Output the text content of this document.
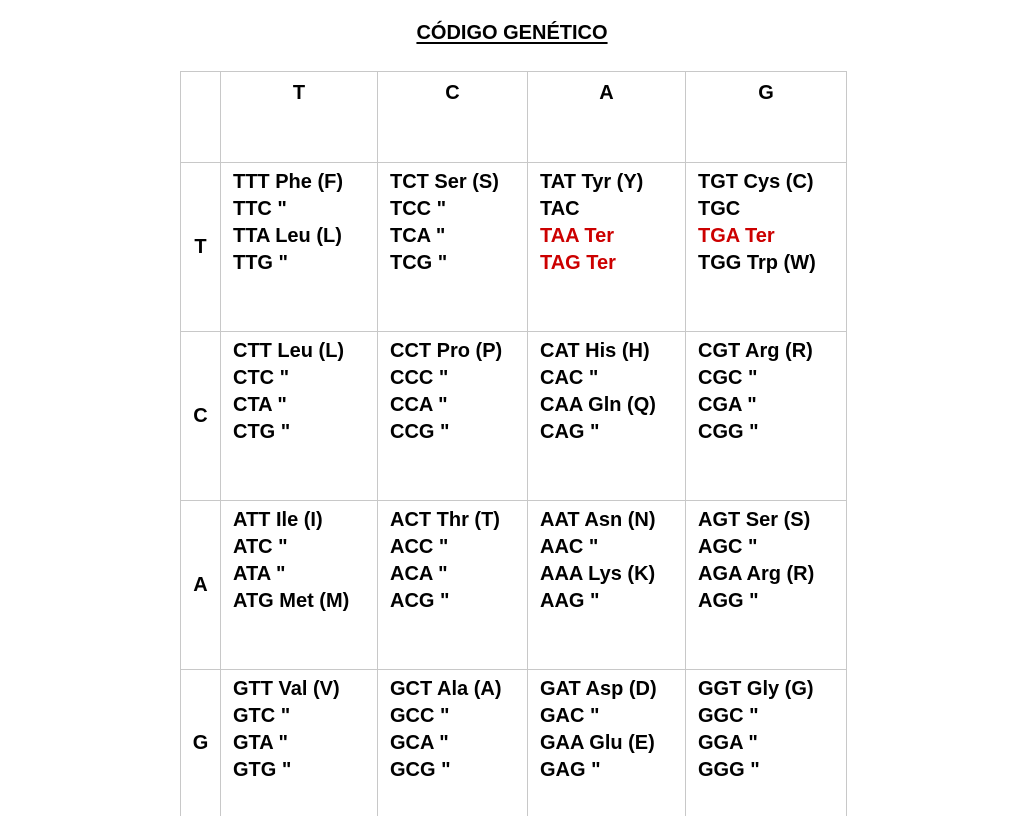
CÓDIGO GENÉTICO
	T	C	A	G
T	TTT Phe (F)
TTC "
TTA Leu (L)
TTG "	TCT Ser (S)
TCC "
TCA "
TCG "	TAT Tyr (Y)
TAC
TAA Ter
TAG Ter	TGT Cys (C)
TGC
TGA Ter
TGG Trp (W)

C	CTT Leu (L)
CTC "
CTA "
CTG "	CCT Pro (P)
CCC "
CCA "
CCG "	CAT His (H)
CAC "
CAA Gln (Q)
CAG "	CGT Arg (R)
CGC "
CGA "
CGG "

A	ATT Ile (I)
ATC "
ATA "
ATG Met (M)	ACT Thr (T)
ACC "
ACA "
ACG "	AAT Asn (N)
AAC "
AAA Lys (K)
AAG "	AGT Ser (S)
AGC "
AGA Arg (R)
AGG "

G	GTT Val (V)
GTC "
GTA "
GTG "	GCT Ala (A)
GCC "
GCA "
GCG "	GAT Asp (D)
GAC "
GAA Glu (E)
GAG "	GGT Gly (G)
GGC "
GGA "
GGG "
